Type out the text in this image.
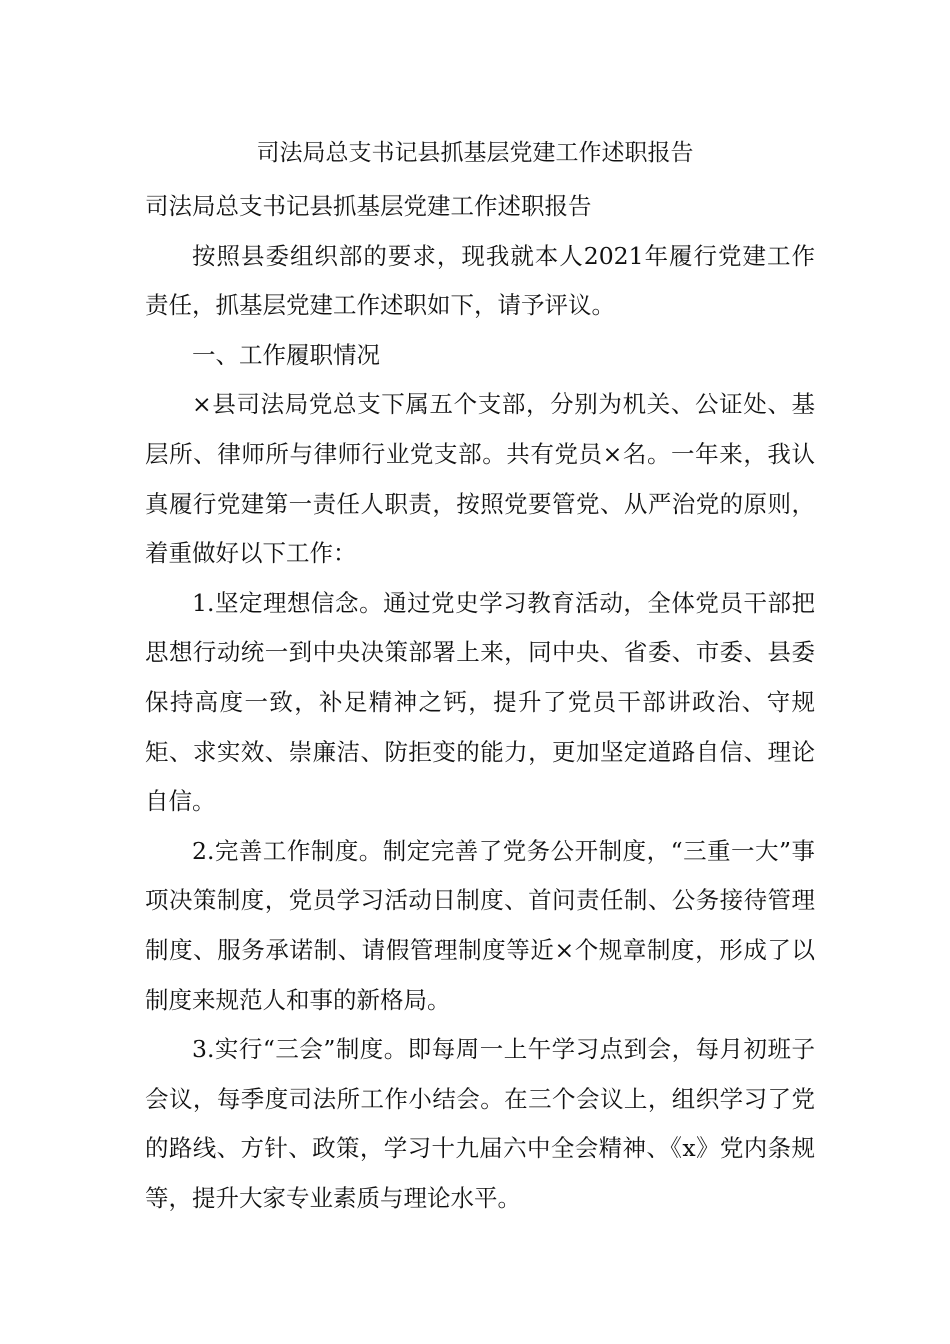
司法局总支书记县抓基层党建工作述职报告

司法局总支书记县抓基层党建工作述职报告

按照县委组织部的要求，现我就本人2021年履行党建工作责任，抓基层党建工作述职如下，请予评议。

一、工作履职情况

×县司法局党总支下属五个支部，分别为机关、公证处、基层所、律师所与律师行业党支部。共有党员×名。一年来，我认真履行党建第一责任人职责，按照党要管党、从严治党的原则，着重做好以下工作：

1.坚定理想信念。通过党史学习教育活动，全体党员干部把思想行动统一到中央决策部署上来，同中央、省委、市委、县委保持高度一致，补足精神之钙，提升了党员干部讲政治、守规矩、求实效、崇廉洁、防拒变的能力，更加坚定道路自信、理论自信。

2.完善工作制度。制定完善了党务公开制度，“三重一大”事项决策制度，党员学习活动日制度、首问责任制、公务接待管理制度、服务承诺制、请假管理制度等近×个规章制度，形成了以制度来规范人和事的新格局。

3.实行“三会”制度。即每周一上午学习点到会，每月初班子会议，每季度司法所工作小结会。在三个会议上，组织学习了党的路线、方针、政策，学习十九届六中全会精神、《x》党内条规等，提升大家专业素质与理论水平。
